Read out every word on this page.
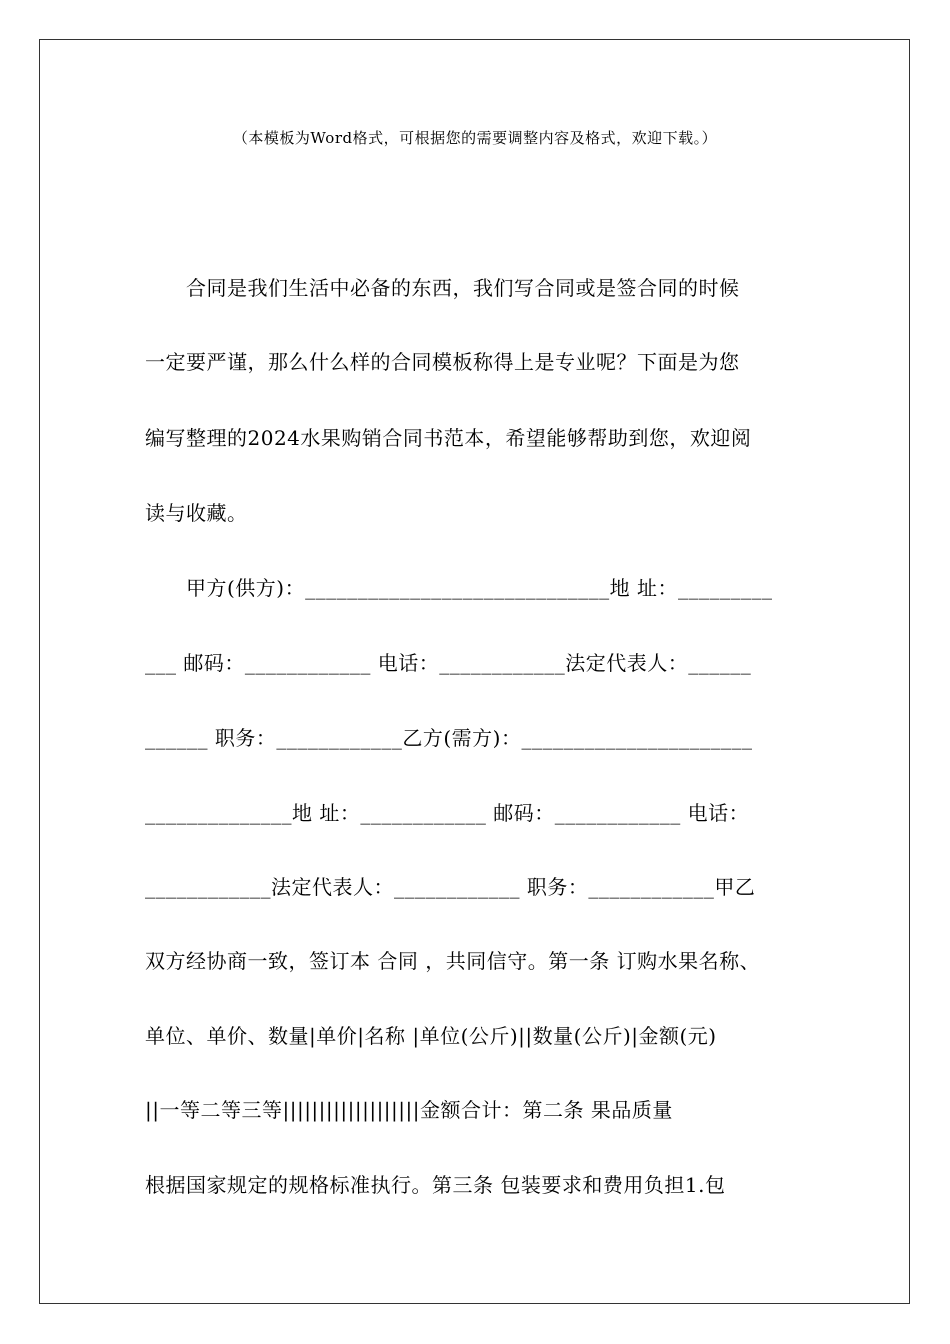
（本模板为Word格式，可根据您的需要调整内容及格式，欢迎下载。）
　　合同是我们生活中必备的东西，我们写合同或是签合同的时候
一定要严谨，那么什么样的合同模板称得上是专业呢？下面是为您
编写整理的2024水果购销合同书范本，希望能够帮助到您，欢迎阅
读与收藏。
　　甲方(供方)：_____________________________地 址：_________
___ 邮码：____________ 电话：____________法定代表人：______
______ 职务：____________乙方(需方)：______________________
______________地 址：____________ 邮码：____________ 电话：
____________法定代表人：____________ 职务：____________甲乙
双方经协商一致，签订本 合同 ，共同信守。第一条 订购水果名称、
单位、单价、数量|单价|名称 |单位(公斤)||数量(公斤)|金额(元)
||一等二等三等|||||||||||||||||||金额合计：第二条 果品质量
根据国家规定的规格标准执行。第三条 包装要求和费用负担1.包
